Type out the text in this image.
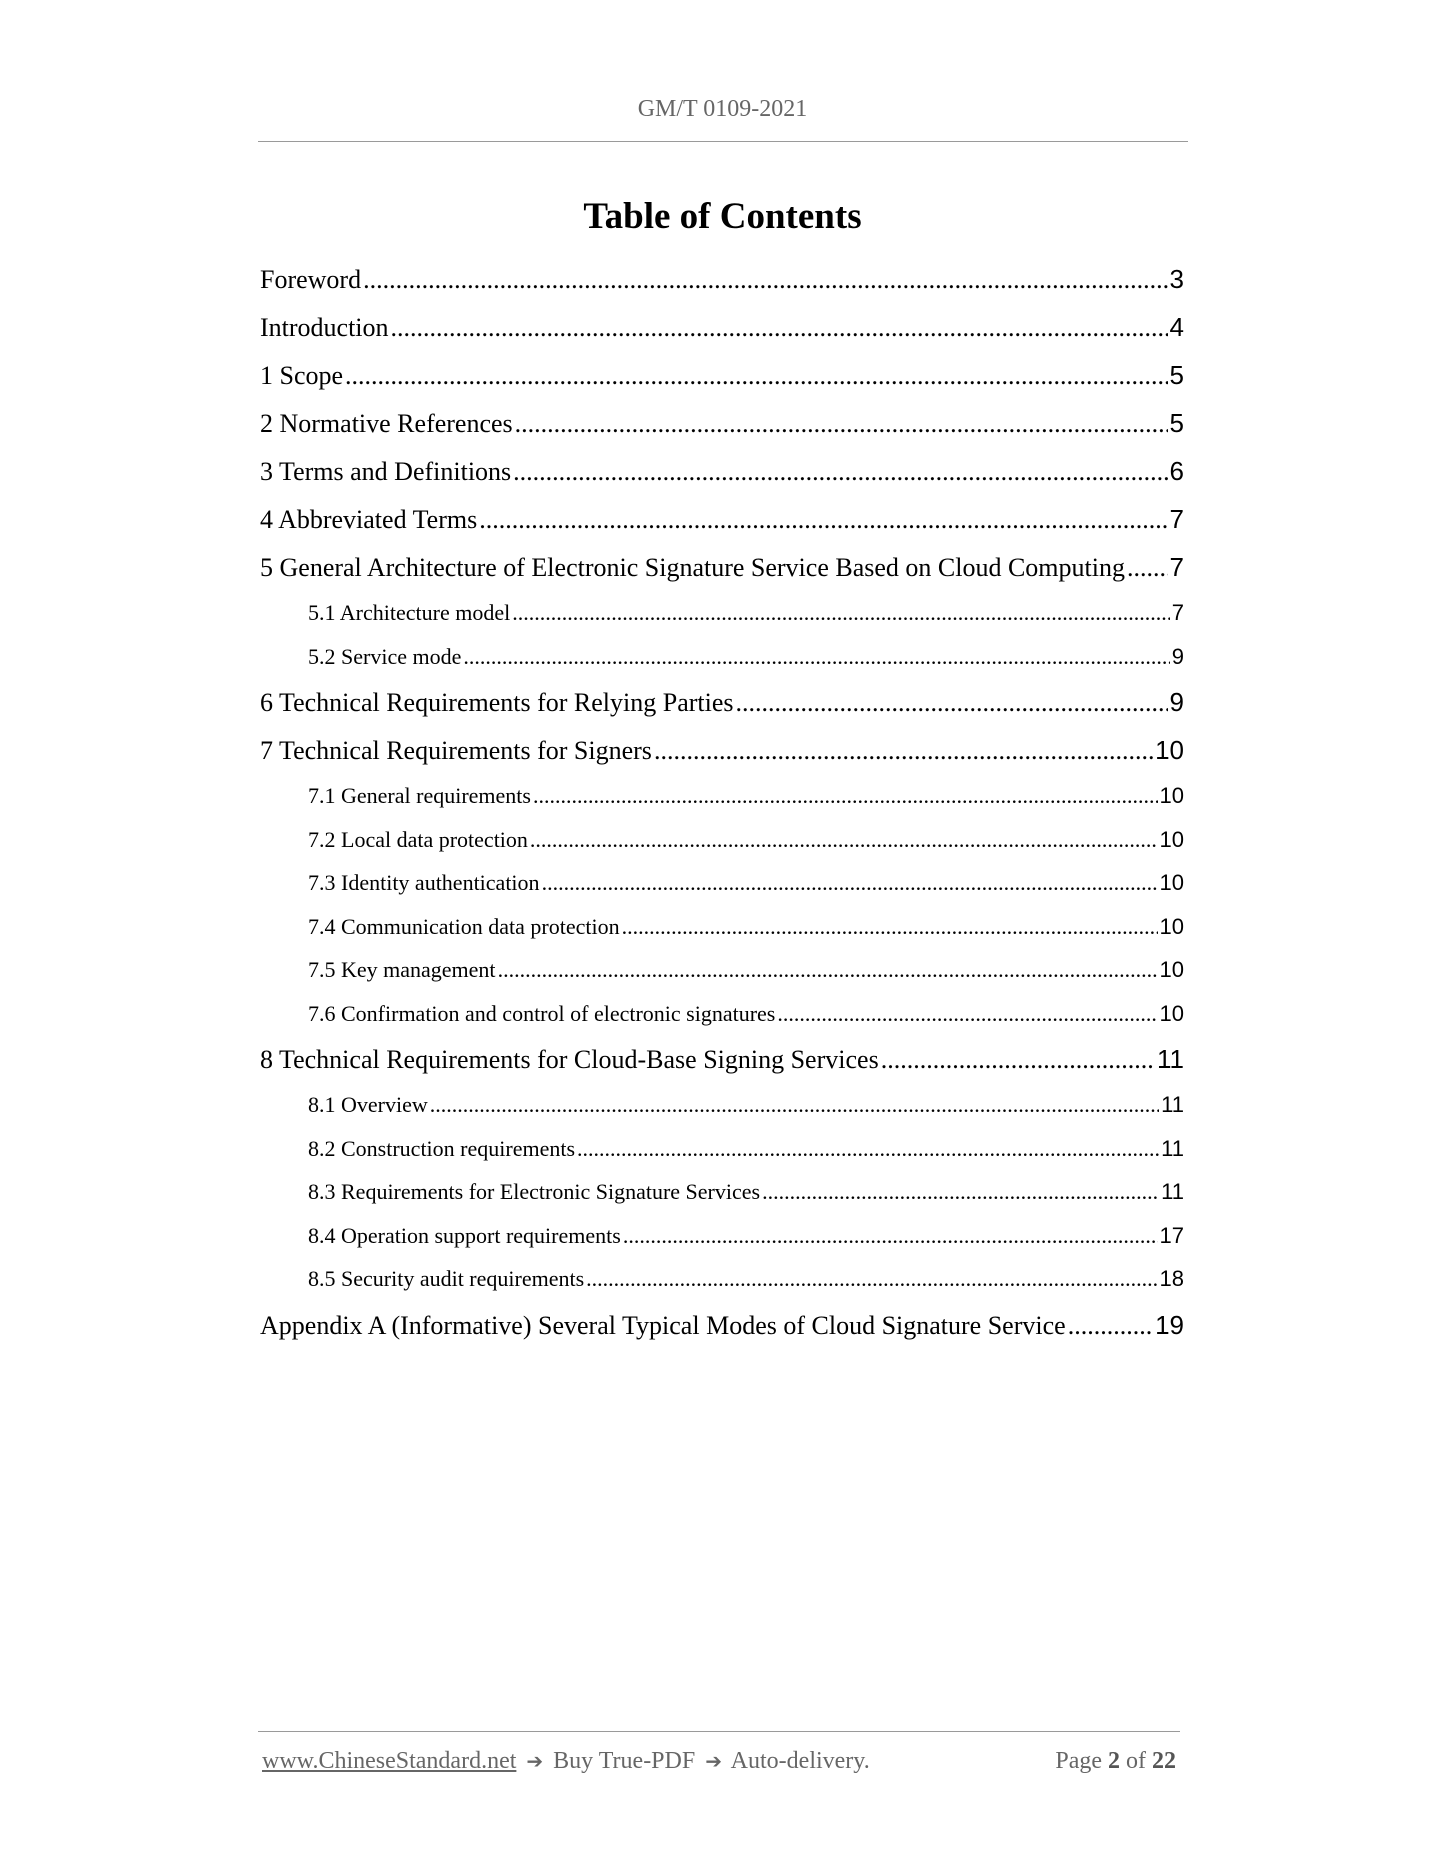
GM/T 0109-2021
Table of Contents
Foreword .....	3
Introduction .....	4
1 Scope .....	5
2 Normative References .....	5
3 Terms and Definitions .....	6
4 Abbreviated Terms .....	7
5 General Architecture of Electronic Signature Service Based on Cloud Computing ..... 7
5.1 Architecture model .....	7
5.2 Service mode .....	9
6 Technical Requirements for Relying Parties .....	9
7 Technical Requirements for Signers .....	10
7.1 General requirements .....	10
7.2 Local data protection .....	10
7.3 Identity authentication .....	10
7.4 Communication data protection .....	10
7.5 Key management .....	10
7.6 Confirmation and control of electronic signatures .....	10
8 Technical Requirements for Cloud-Base Signing Services .....	11
8.1 Overview .....	11
8.2 Construction requirements .....	11
8.3 Requirements for Electronic Signature Services .....	11
8.4 Operation support requirements .....	17
8.5 Security audit requirements .....	18
Appendix A (Informative) Several Typical Modes of Cloud Signature Service .....	19
www.ChineseStandard.net ➔ Buy True-PDF ➔ Auto-delivery.	Page 2 of 22
